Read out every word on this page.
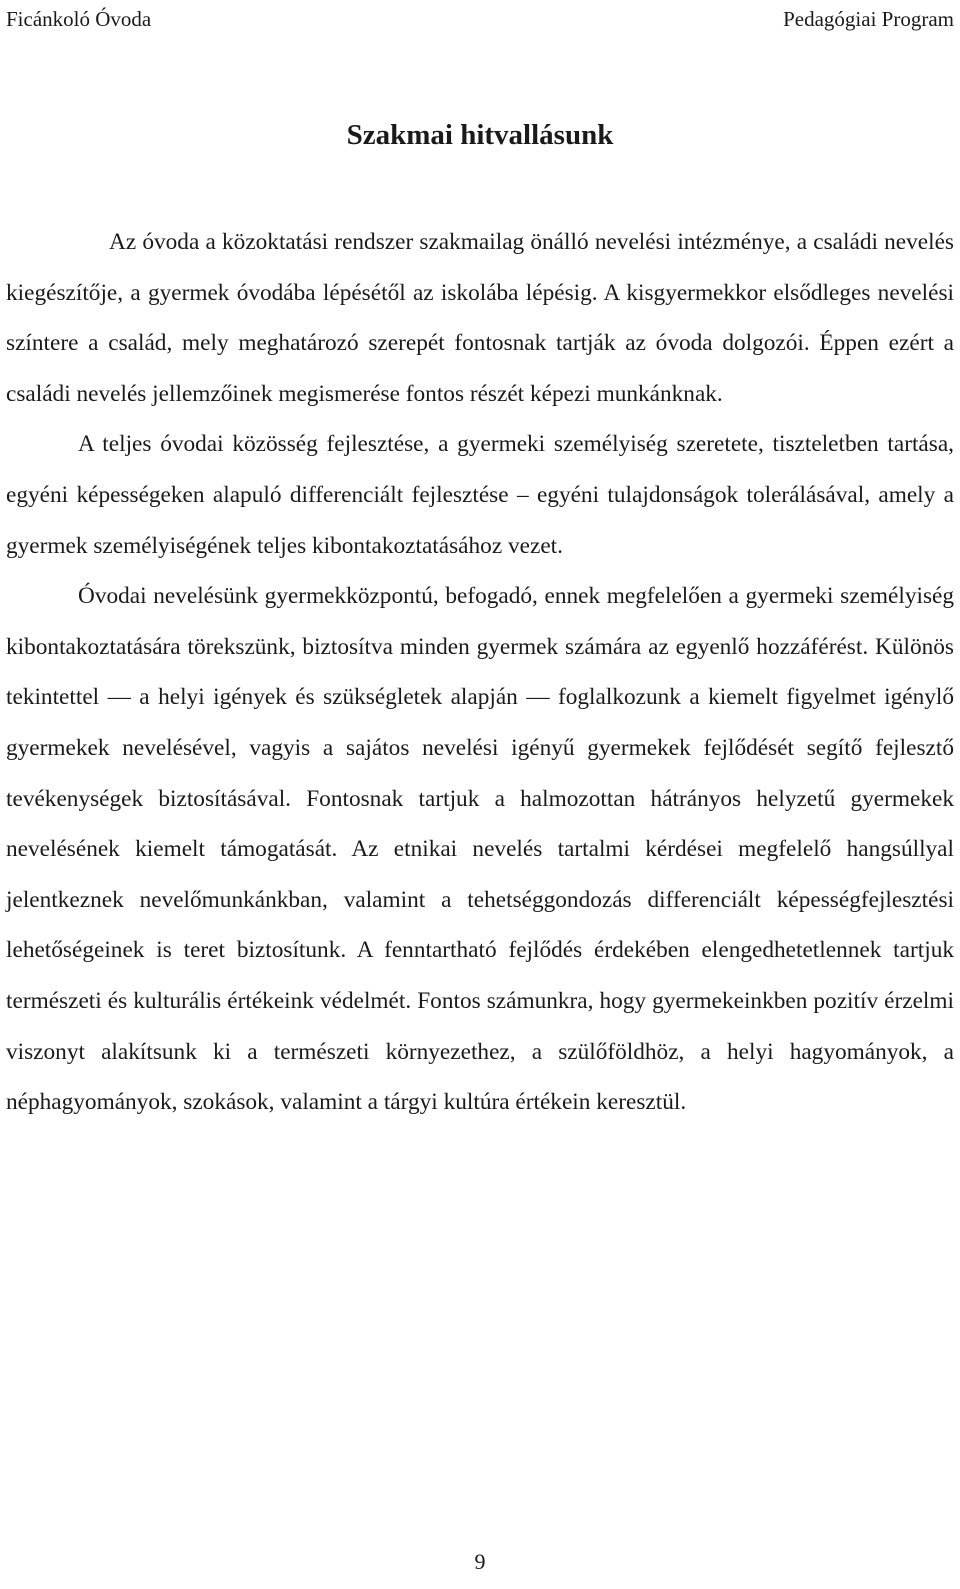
Ficánkoló Óvoda	Pedagógiai Program
Szakmai hitvallásunk

Az óvoda a közoktatási rendszer szakmailag önálló nevelési intézménye, a családi nevelés kiegészítője, a gyermek óvodába lépésétől az iskolába lépésig. A kisgyermekkor elsődleges nevelési színtere a család, mely meghatározó szerepét fontosnak tartják az óvoda dolgozói. Éppen ezért a családi nevelés jellemzőinek megismerése fontos részét képezi munkánknak.

A teljes óvodai közösség fejlesztése, a gyermeki személyiség szeretete, tiszteletben tartása, egyéni képességeken alapuló differenciált fejlesztése – egyéni tulajdonságok tolerálásával, amely a gyermek személyiségének teljes kibontakoztatásához vezet.

Óvodai nevelésünk gyermekközpontú, befogadó, ennek megfelelően a gyermeki személyiség kibontakoztatására törekszünk, biztosítva minden gyermek számára az egyenlő hozzáférést. Különös tekintettel — a helyi igények és szükségletek alapján — foglalkozunk a kiemelt figyelmet igénylő gyermekek nevelésével, vagyis a sajátos nevelési igényű gyermekek fejlődését segítő fejlesztő tevékenységek biztosításával. Fontosnak tartjuk a halmozottan hátrányos helyzetű gyermekek nevelésének kiemelt támogatását. Az etnikai nevelés tartalmi kérdései megfelelő hangsúllyal jelentkeznek nevelőmunkánkban, valamint a tehetséggondozás differenciált képességfejlesztési lehetőségeinek is teret biztosítunk. A fenntartható fejlődés érdekében elengedhetetlennek tartjuk természeti és kulturális értékeink védelmét. Fontos számunkra, hogy gyermekeinkben pozitív érzelmi viszonyt alakítsunk ki a természeti környezethez, a szülőföldhöz, a helyi hagyományok, a néphagyományok, szokások, valamint a tárgyi kultúra értékein keresztül.

9
